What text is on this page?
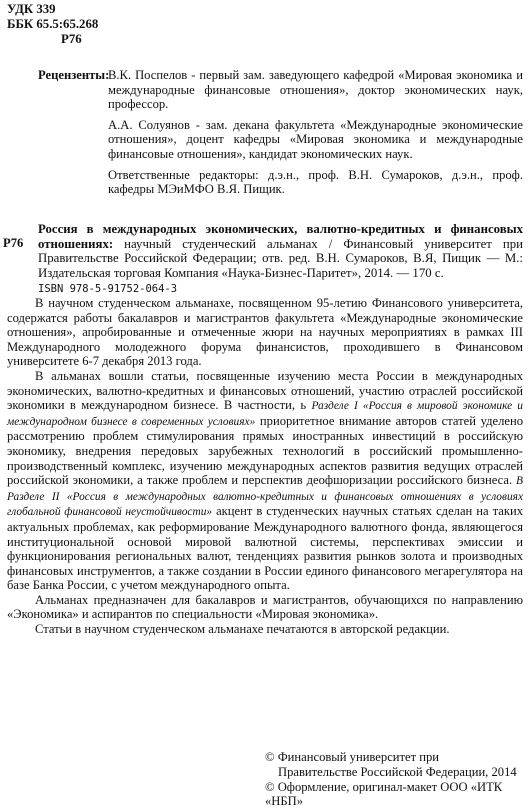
УДК 339
ББК 65.5:65.268
Р76
Рецензенты:

В.К. Поспелов - первый зам. заведующего кафедрой «Мировая экономика и международные финансовые отношения», доктор экономических наук, профессор.

А.А. Солуянов - зам. декана факультета «Международные экономические отношения», доцент кафедры «Мировая экономика и международные финансовые отношения», кандидат экономических наук.

Ответственные редакторы: д.э.н., проф. В.Н. Сумароков, д.э.н., проф. кафедры МЭиМФО В.Я. Пищик.

Р76

Россия в международных экономических, валютно-кредитных и финансовых отношениях: научный студенческий альманах / Финансовый университет при Правительстве Российской Федерации; отв. ред. В.Н. Сумароков, В.Я, Пищик — М.: Издательская торговая Компания «Наука-Бизнес-Паритет», 2014. — 170 с.

ISBN 978-5-91752-064-3

В научном студенческом альманахе, посвященном 95-летию Финансового университета, содержатся работы бакалавров и магистрантов факультета «Международные экономические отношения», апробированные и отмеченные жюри на научных мероприятиях в рамках III Международного молодежного форума финансистов, проходившего в Финансовом университете 6-7 декабря 2013 года.

В альманах вошли статьи, посвященные изучению места России в международных экономических, валютно-кредитных и финансовых отношений, участию отраслей российской экономики в международном бизнесе. В частности, ь Разделе I «Россия в мировой экономике и международном бизнесе в современных условиях» приоритетное внимание авторов статей уделено рассмотрению проблем стимулирования прямых иностранных инвестиций в российскую экономику, внедрения передовых зарубежных технологий в российский промышленно-производственный комплекс, изучению международных аспектов развития ведущих отраслей российской экономики, а также проблем и перспектив деофшоризации российского бизнеса. В Разделе II «Россия в международных валютно-кредитных и финансовых отношениях в условиях глобальной финансовой неустойчивости» акцент в студенческих научных статьях сделан на таких актуальных проблемах, как реформирование Международного валютного фонда, являющегося институциональной основой мировой валютной системы, перспективах эмиссии и функционирования региональных валют, тенденциях развития рынков золота и производных финансовых инструментов, а также создании в России единого финансового мегарегулятора на базе Банка России, с учетом международного опыта.

Альманах предназначен для бакалавров и магистрантов, обучающихся по направлению «Экономика» и аспирантов по специальности «Мировая экономика».

Статьи в научном студенческом альманахе печатаются в авторской редакции.

© Финансовый университет при
Правительстве Российской Федерации, 2014
© Оформление, оригинал-макет ООО «ИТК «НБП»
